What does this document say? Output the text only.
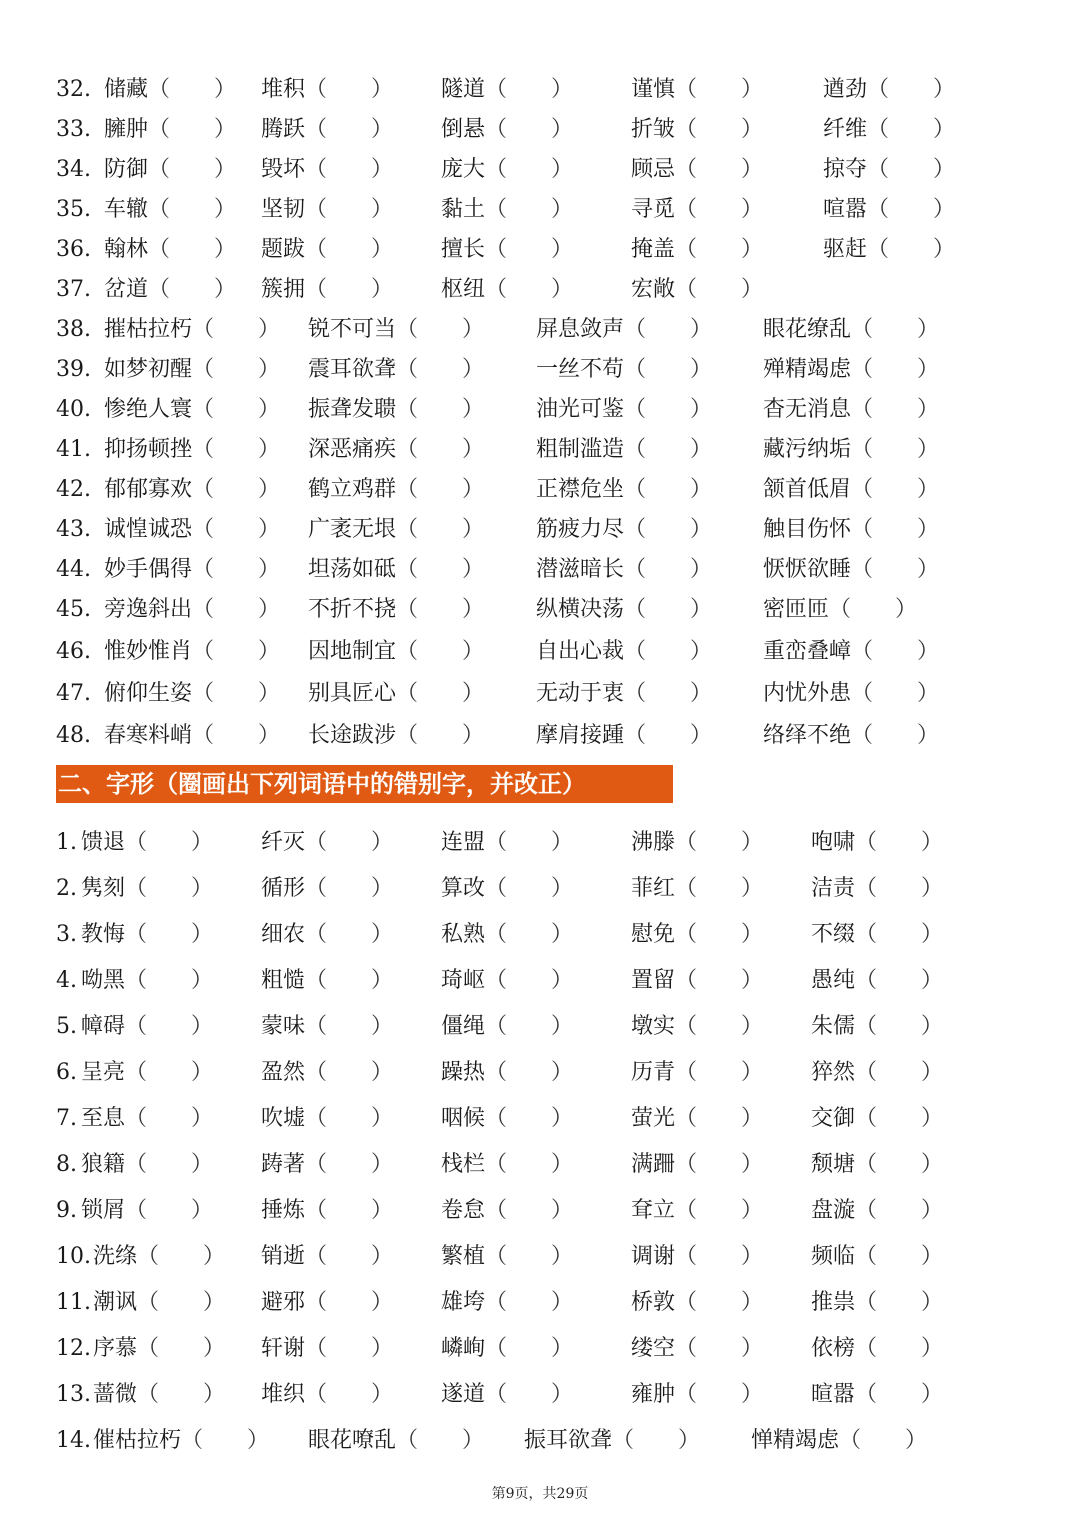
32. 储藏（  ） 堆积（  ） 隧道（  ）	谨慎（  ）	遒劲（  ）
33. 臃肿（  ） 腾跃（  ） 倒悬（  ）	折皱（  ）	纤维（  ）
34. 防御（  ） 毁坏（  ） 庞大（  ）	顾忌（  ）	掠夺（  ）
35. 车辙（  ） 坚韧（  ） 黏土（  ）	寻觅（  ）	喧嚣（  ）
36. 翰林（  ） 题跋（  ） 擅长（  ）	掩盖（  ）	驱赶（  ）
37. 岔道（  ） 簇拥（  ） 枢纽（  ）	宏敞（  ）
38. 摧枯拉朽（  ） 锐不可当（  ） 屏息敛声（  ） 眼花缭乱（  ）
39. 如梦初醒（  ） 震耳欲聋（  ） 一丝不苟（  ） 殚精竭虑（  ）
40. 惨绝人寰（  ） 振聋发聩（  ） 油光可鉴（  ） 杳无消息（  ）
41. 抑扬顿挫（  ） 深恶痛疾（  ） 粗制滥造（  ） 藏污纳垢（  ）
42. 郁郁寡欢（  ） 鹤立鸡群（  ） 正襟危坐（  ） 颔首低眉（  ）
43. 诚惶诚恐（  ） 广袤无垠（  ） 筋疲力尽（  ） 触目伤怀（  ）
44. 妙手偶得（  ） 坦荡如砥（  ） 潜滋暗长（  ） 恹恹欲睡（  ）
45. 旁逸斜出（  ） 不折不挠（  ） 纵横决荡（  ） 密匝匝（  ）
46. 惟妙惟肖（  ） 因地制宜（  ） 自出心裁（  ） 重峦叠嶂（  ）
47. 俯仰生姿（  ） 别具匠心（  ） 无动于衷（  ） 内忧外患（  ）
48. 春寒料峭（  ） 长途跋涉（  ） 摩肩接踵（  ） 络绎不绝（  ）
二、字形（圈画出下列词语中的错别字，并改正）
1. 馈退（  ） 纤灭（  ） 连盟（  ）	沸滕（  ） 咆啸（  ）
2. 隽刻（  ） 循形（  ） 算改（  ）	菲红（  ） 洁责（  ）
3. 教悔（  ） 细农（  ） 私熟（  ）	慰免（  ） 不缀（  ）
4. 呦黑（  ） 粗慥（  ） 琦岖（  ）	置留（  ） 愚纯（  ）
5. 幛碍（  ） 蒙味（  ） 僵绳（  ）	墩实（  ） 朱儒（  ）
6. 呈亮（  ） 盈然（  ） 躁热（  ）	历青（  ） 猝然（  ）
7. 至息（  ） 吹墟（  ） 咽候（  ）	萤光（  ） 交御（  ）
8. 狼籍（  ） 踌著（  ） 栈栏（  ）	满跚（  ） 颓塘（  ）
9. 锁屑（  ） 捶炼（  ） 卷怠（  ）	耷立（  ） 盘漩（  ）
10. 洗绦（  ） 销逝（  ） 繁植（  ）	调谢（  ） 频临（  ）
11. 潮讽（  ） 避邪（  ） 雄垮（  ）	桥敦（  ） 推祟（  ）
12. 序慕（  ） 轩谢（  ） 嶙峋（  ）	缕空（  ） 依榜（  ）
13. 蔷微（  ） 堆织（  ） 遂道（  ）	雍肿（  ） 暄嚣（  ）
14. 催枯拉朽（  ） 眼花嘹乱（  ） 振耳欲聋（  ） 惮精竭虑（  ）
第9页，共29页
